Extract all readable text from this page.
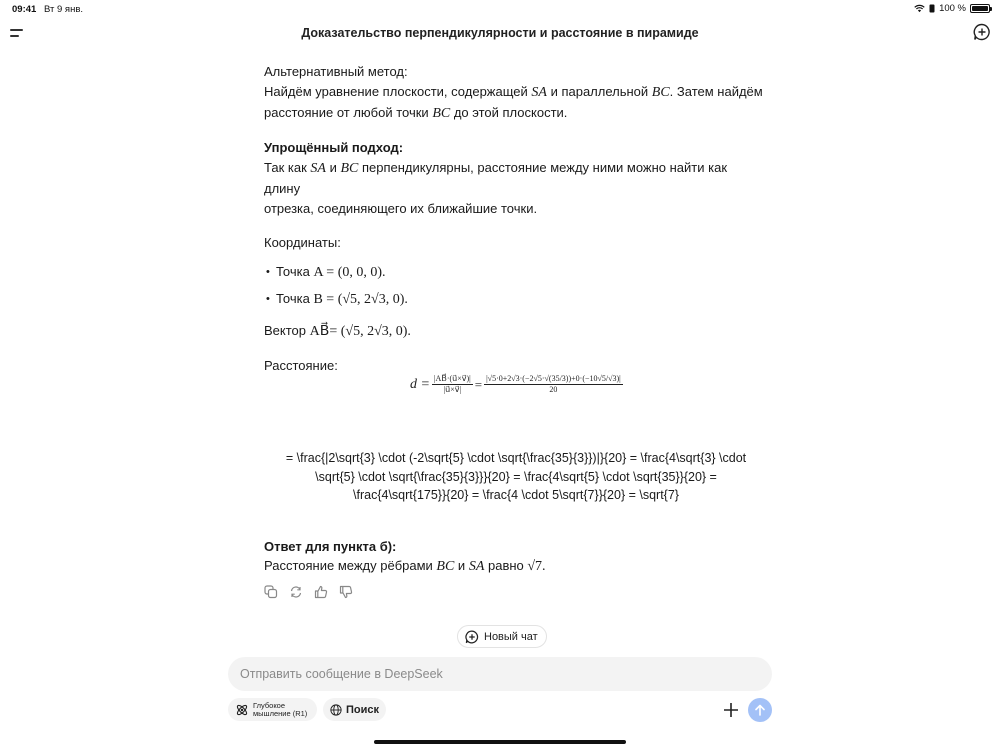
09:41 Вт 9 янв.	100 %
Доказательство перпендикулярности и расстояние в пирамиде

Альтернативный метод:

Найдём уравнение плоскости, содержащей SA и параллельной BC. Затем найдём

расстояние от любой точки BC до этой плоскости.

Упрощённый подход:

Так как SA и BC перпендикулярны, расстояние между ними можно найти как длину
отрезка, соединяющего их ближайшие точки.

Координаты:

• Точка A = (0, 0, 0).
• Точка B = (√5, 2√3, 0).

Вектор AB⃗= (√5, 2√3, 0).

Расстояние:

$d = \frac{|AB⃗\cdot(u⃗\times v⃗)|}{|u⃗\times v⃗|} = \frac{|√5\cdot 0+2√3\cdot(-2√5\cdot√(35/3))+0\cdot(-10√5/√3)|}{20}$
= \frac{|2\sqrt{3} \cdot (-2\sqrt{5} \cdot \sqrt{\frac{35}{3}})|}{20} = \frac{4\sqrt{3} \cdot \sqrt{5} \cdot \sqrt{\frac{35}{3}}}{20} = \frac{4\sqrt{5} \cdot \sqrt{35}}{20} = \frac{4\sqrt{175}}{20} = \frac{4 \cdot 5\sqrt{7}}{20} = \sqrt{7}

Ответ для пункта б):

Расстояние между рёбрами BC и SA равно √7.

Новый чат
Отправить сообщение в DeepSeek
Глубокое
мышление (R1)	Поиск
